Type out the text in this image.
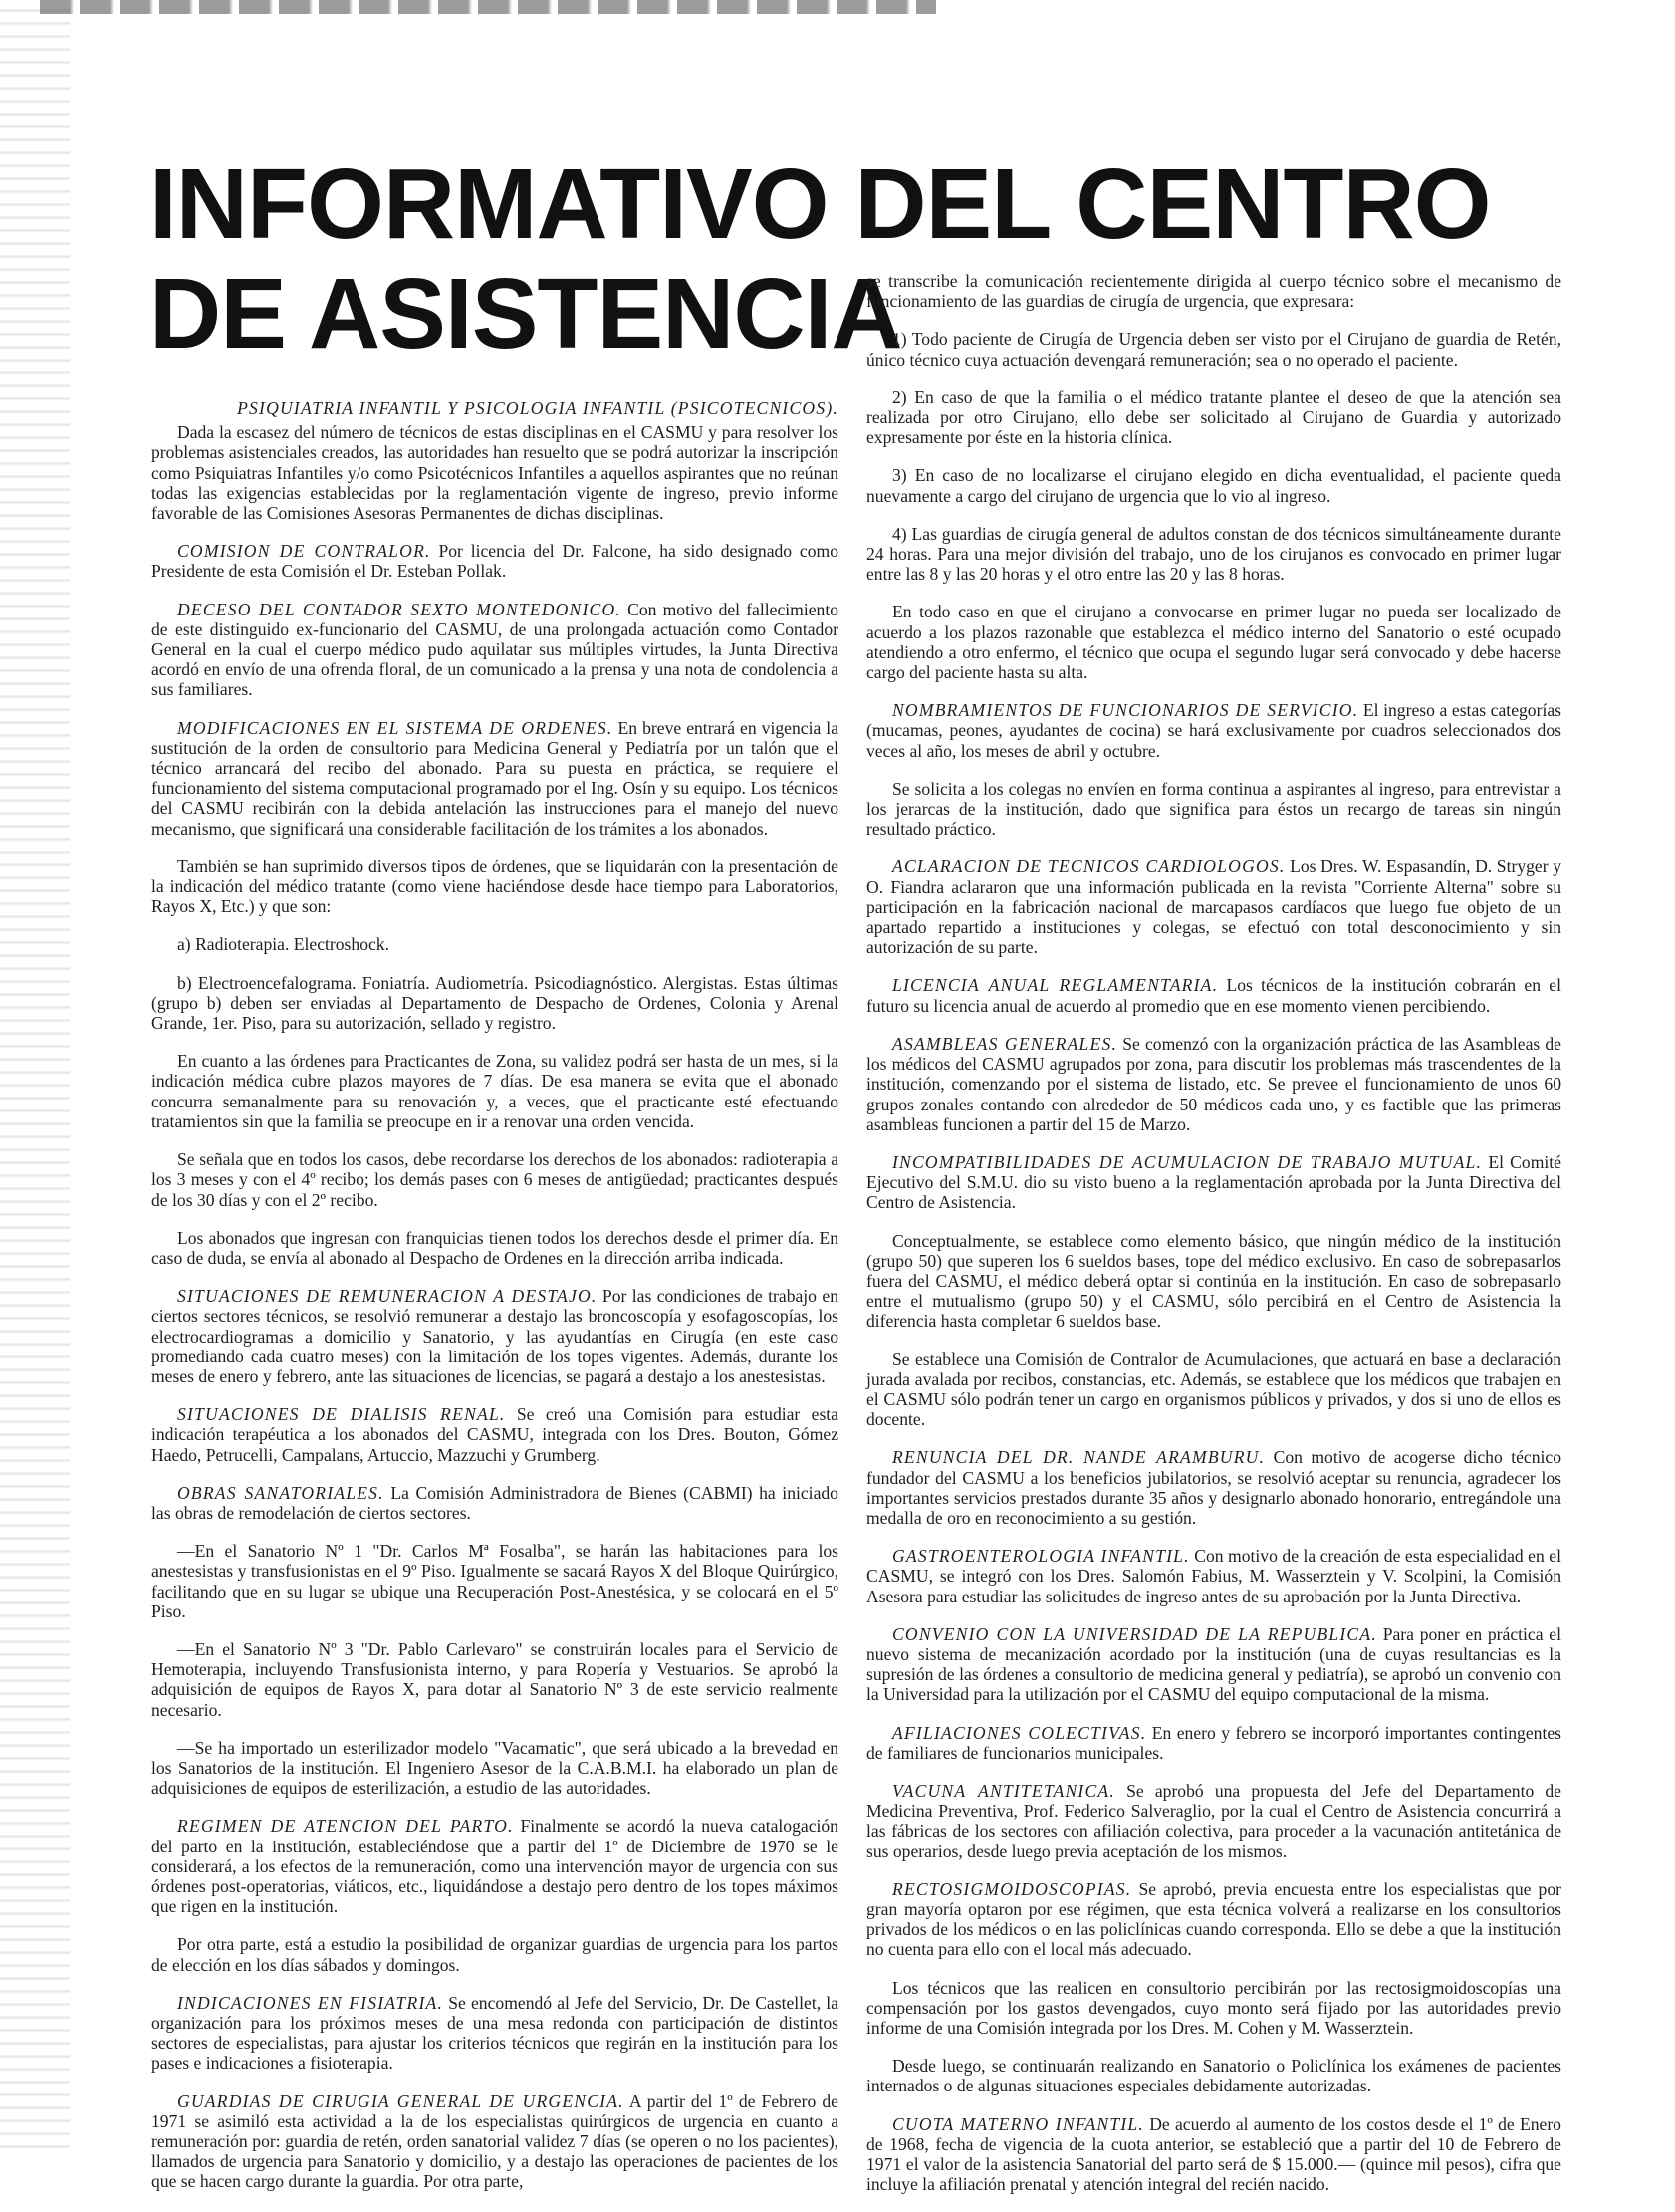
INFORMATIVO DEL CENTRO
DE ASISTENCIA

PSIQUIATRIA INFANTIL Y PSICOLOGIA INFANTIL (PSICOTECNICOS).

Dada la escasez del número de técnicos de estas disciplinas en el CASMU y para resolver los problemas asistenciales creados, las autoridades han resuelto que se podrá autorizar la inscripción como Psiquiatras Infantiles y/o como Psicotécnicos Infantiles a aquellos aspirantes que no reúnan todas las exigencias establecidas por la reglamentación vigente de ingreso, previo informe favorable de las Comisiones Asesoras Permanentes de dichas disciplinas.

COMISION DE CONTRALOR. Por licencia del Dr. Falcone, ha sido designado como Presidente de esta Comisión el Dr. Esteban Pollak.

DECESO DEL CONTADOR SEXTO MONTEDONICO. Con motivo del fallecimiento de este distinguido ex-funcionario del CASMU, de una prolongada actuación como Contador General en la cual el cuerpo médico pudo aquilatar sus múltiples virtudes, la Junta Directiva acordó en envío de una ofrenda floral, de un comunicado a la prensa y una nota de condolencia a sus familiares.

MODIFICACIONES EN EL SISTEMA DE ORDENES. En breve entrará en vigencia la sustitución de la orden de consultorio para Medicina General y Pediatría por un talón que el técnico arrancará del recibo del abonado. Para su puesta en práctica, se requiere el funcionamiento del sistema computacional programado por el Ing. Osín y su equipo. Los técnicos del CASMU recibirán con la debida antelación las instrucciones para el manejo del nuevo mecanismo, que significará una considerable facilitación de los trámites a los abonados.

También se han suprimido diversos tipos de órdenes, que se liquidarán con la presentación de la indicación del médico tratante (como viene haciéndose desde hace tiempo para Laboratorios, Rayos X, Etc.) y que son:

a) Radioterapia. Electroshock.

b) Electroencefalograma. Foniatría. Audiometría. Psicodiagnóstico. Alergistas. Estas últimas (grupo b) deben ser enviadas al Departamento de Despacho de Ordenes, Colonia y Arenal Grande, 1er. Piso, para su autorización, sellado y registro.

En cuanto a las órdenes para Practicantes de Zona, su validez podrá ser hasta de un mes, si la indicación médica cubre plazos mayores de 7 días. De esa manera se evita que el abonado concurra semanalmente para su renovación y, a veces, que el practicante esté efectuando tratamientos sin que la familia se preocupe en ir a renovar una orden vencida.

Se señala que en todos los casos, debe recordarse los derechos de los abonados: radioterapia a los 3 meses y con el 4º recibo; los demás pases con 6 meses de antigüedad; practicantes después de los 30 días y con el 2º recibo.

Los abonados que ingresan con franquicias tienen todos los derechos desde el primer día. En caso de duda, se envía al abonado al Despacho de Ordenes en la dirección arriba indicada.

SITUACIONES DE REMUNERACION A DESTAJO. Por las condiciones de trabajo en ciertos sectores técnicos, se resolvió remunerar a destajo las broncoscopía y esofagoscopías, los electrocardiogramas a domicilio y Sanatorio, y las ayudantías en Cirugía (en este caso promediando cada cuatro meses) con la limitación de los topes vigentes. Además, durante los meses de enero y febrero, ante las situaciones de licencias, se pagará a destajo a los anestesistas.

SITUACIONES DE DIALISIS RENAL. Se creó una Comisión para estudiar esta indicación terapéutica a los abonados del CASMU, integrada con los Dres. Bouton, Gómez Haedo, Petrucelli, Campalans, Artuccio, Mazzuchi y Grumberg.

OBRAS SANATORIALES. La Comisión Administradora de Bienes (CABMI) ha iniciado las obras de remodelación de ciertos sectores.

—En el Sanatorio Nº 1 "Dr. Carlos Mª Fosalba", se harán las habitaciones para los anestesistas y transfusionistas en el 9º Piso. Igualmente se sacará Rayos X del Bloque Quirúrgico, facilitando que en su lugar se ubique una Recuperación Post-Anestésica, y se colocará en el 5º Piso.

—En el Sanatorio Nº 3 "Dr. Pablo Carlevaro" se construirán locales para el Servicio de Hemoterapia, incluyendo Transfusionista interno, y para Ropería y Vestuarios. Se aprobó la adquisición de equipos de Rayos X, para dotar al Sanatorio Nº 3 de este servicio realmente necesario.

—Se ha importado un esterilizador modelo "Vacamatic", que será ubicado a la brevedad en los Sanatorios de la institución. El Ingeniero Asesor de la C.A.B.M.I. ha elaborado un plan de adquisiciones de equipos de esterilización, a estudio de las autoridades.

REGIMEN DE ATENCION DEL PARTO. Finalmente se acordó la nueva catalogación del parto en la institución, estableciéndose que a partir del 1º de Diciembre de 1970 se le considerará, a los efectos de la remuneración, como una intervención mayor de urgencia con sus órdenes post-operatorias, viáticos, etc., liquidándose a destajo pero dentro de los topes máximos que rigen en la institución.

Por otra parte, está a estudio la posibilidad de organizar guardias de urgencia para los partos de elección en los días sábados y domingos.

INDICACIONES EN FISIATRIA. Se encomendó al Jefe del Servicio, Dr. De Castellet, la organización para los próximos meses de una mesa redonda con participación de distintos sectores de especialistas, para ajustar los criterios técnicos que regirán en la institución para los pases e indicaciones a fisioterapia.

GUARDIAS DE CIRUGIA GENERAL DE URGENCIA. A partir del 1º de Febrero de 1971 se asimiló esta actividad a la de los especialistas quirúrgicos de urgencia en cuanto a remuneración por: guardia de retén, orden sanatorial validez 7 días (se operen o no los pacientes), llamados de urgencia para Sanatorio y domicilio, y a destajo las operaciones de pacientes de los que se hacen cargo durante la guardia. Por otra parte,

se transcribe la comunicación recientemente dirigida al cuerpo técnico sobre el mecanismo de funcionamiento de las guardias de cirugía de urgencia, que expresara:

1) Todo paciente de Cirugía de Urgencia deben ser visto por el Cirujano de guardia de Retén, único técnico cuya actuación devengará remuneración; sea o no operado el paciente.

2) En caso de que la familia o el médico tratante plantee el deseo de que la atención sea realizada por otro Cirujano, ello debe ser solicitado al Cirujano de Guardia y autorizado expresamente por éste en la historia clínica.

3) En caso de no localizarse el cirujano elegido en dicha eventualidad, el paciente queda nuevamente a cargo del cirujano de urgencia que lo vio al ingreso.

4) Las guardias de cirugía general de adultos constan de dos técnicos simultáneamente durante 24 horas. Para una mejor división del trabajo, uno de los cirujanos es convocado en primer lugar entre las 8 y las 20 horas y el otro entre las 20 y las 8 horas.

En todo caso en que el cirujano a convocarse en primer lugar no pueda ser localizado de acuerdo a los plazos razonable que establezca el médico interno del Sanatorio o esté ocupado atendiendo a otro enfermo, el técnico que ocupa el segundo lugar será convocado y debe hacerse cargo del paciente hasta su alta.

NOMBRAMIENTOS DE FUNCIONARIOS DE SERVICIO. El ingreso a estas categorías (mucamas, peones, ayudantes de cocina) se hará exclusivamente por cuadros seleccionados dos veces al año, los meses de abril y octubre.

Se solicita a los colegas no envíen en forma continua a aspirantes al ingreso, para entrevistar a los jerarcas de la institución, dado que significa para éstos un recargo de tareas sin ningún resultado práctico.

ACLARACION DE TECNICOS CARDIOLOGOS. Los Dres. W. Espasandín, D. Stryger y O. Fiandra aclararon que una información publicada en la revista "Corriente Alterna" sobre su participación en la fabricación nacional de marcapasos cardíacos que luego fue objeto de un apartado repartido a instituciones y colegas, se efectuó con total desconocimiento y sin autorización de su parte.

LICENCIA ANUAL REGLAMENTARIA. Los técnicos de la institución cobrarán en el futuro su licencia anual de acuerdo al promedio que en ese momento vienen percibiendo.

ASAMBLEAS GENERALES. Se comenzó con la organización práctica de las Asambleas de los médicos del CASMU agrupados por zona, para discutir los problemas más trascendentes de la institución, comenzando por el sistema de listado, etc. Se prevee el funcionamiento de unos 60 grupos zonales contando con alrededor de 50 médicos cada uno, y es factible que las primeras asambleas funcionen a partir del 15 de Marzo.

INCOMPATIBILIDADES DE ACUMULACION DE TRABAJO MUTUAL. El Comité Ejecutivo del S.M.U. dio su visto bueno a la reglamentación aprobada por la Junta Directiva del Centro de Asistencia.

Conceptualmente, se establece como elemento básico, que ningún médico de la institución (grupo 50) que superen los 6 sueldos bases, tope del médico exclusivo. En caso de sobrepasarlos fuera del CASMU, el médico deberá optar si continúa en la institución. En caso de sobrepasarlo entre el mutualismo (grupo 50) y el CASMU, sólo percibirá en el Centro de Asistencia la diferencia hasta completar 6 sueldos base.

Se establece una Comisión de Contralor de Acumulaciones, que actuará en base a declaración jurada avalada por recibos, constancias, etc. Además, se establece que los médicos que trabajen en el CASMU sólo podrán tener un cargo en organismos públicos y privados, y dos si uno de ellos es docente.

RENUNCIA DEL DR. NANDE ARAMBURU. Con motivo de acogerse dicho técnico fundador del CASMU a los beneficios jubilatorios, se resolvió aceptar su renuncia, agradecer los importantes servicios prestados durante 35 años y designarlo abonado honorario, entregándole una medalla de oro en reconocimiento a su gestión.

GASTROENTEROLOGIA INFANTIL. Con motivo de la creación de esta especialidad en el CASMU, se integró con los Dres. Salomón Fabius, M. Wasserztein y V. Scolpini, la Comisión Asesora para estudiar las solicitudes de ingreso antes de su aprobación por la Junta Directiva.

CONVENIO CON LA UNIVERSIDAD DE LA REPUBLICA. Para poner en práctica el nuevo sistema de mecanización acordado por la institución (una de cuyas resultancias es la supresión de las órdenes a consultorio de medicina general y pediatría), se aprobó un convenio con la Universidad para la utilización por el CASMU del equipo computacional de la misma.

AFILIACIONES COLECTIVAS. En enero y febrero se incorporó importantes contingentes de familiares de funcionarios municipales.

VACUNA ANTITETANICA. Se aprobó una propuesta del Jefe del Departamento de Medicina Preventiva, Prof. Federico Salveraglio, por la cual el Centro de Asistencia concurrirá a las fábricas de los sectores con afiliación colectiva, para proceder a la vacunación antitetánica de sus operarios, desde luego previa aceptación de los mismos.

RECTOSIGMOIDOSCOPIAS. Se aprobó, previa encuesta entre los especialistas que por gran mayoría optaron por ese régimen, que esta técnica volverá a realizarse en los consultorios privados de los médicos o en las policlínicas cuando corresponda. Ello se debe a que la institución no cuenta para ello con el local más adecuado.

Los técnicos que las realicen en consultorio percibirán por las rectosigmoidoscopías una compensación por los gastos devengados, cuyo monto será fijado por las autoridades previo informe de una Comisión integrada por los Dres. M. Cohen y M. Wasserztein.

Desde luego, se continuarán realizando en Sanatorio o Policlínica los exámenes de pacientes internados o de algunas situaciones especiales debidamente autorizadas.

CUOTA MATERNO INFANTIL. De acuerdo al aumento de los costos desde el 1º de Enero de 1968, fecha de vigencia de la cuota anterior, se estableció que a partir del 10 de Febrero de 1971 el valor de la asistencia Sanatorial del parto será de $ 15.000.— (quince mil pesos), cifra que incluye la afiliación prenatal y atención integral del recién nacido.
